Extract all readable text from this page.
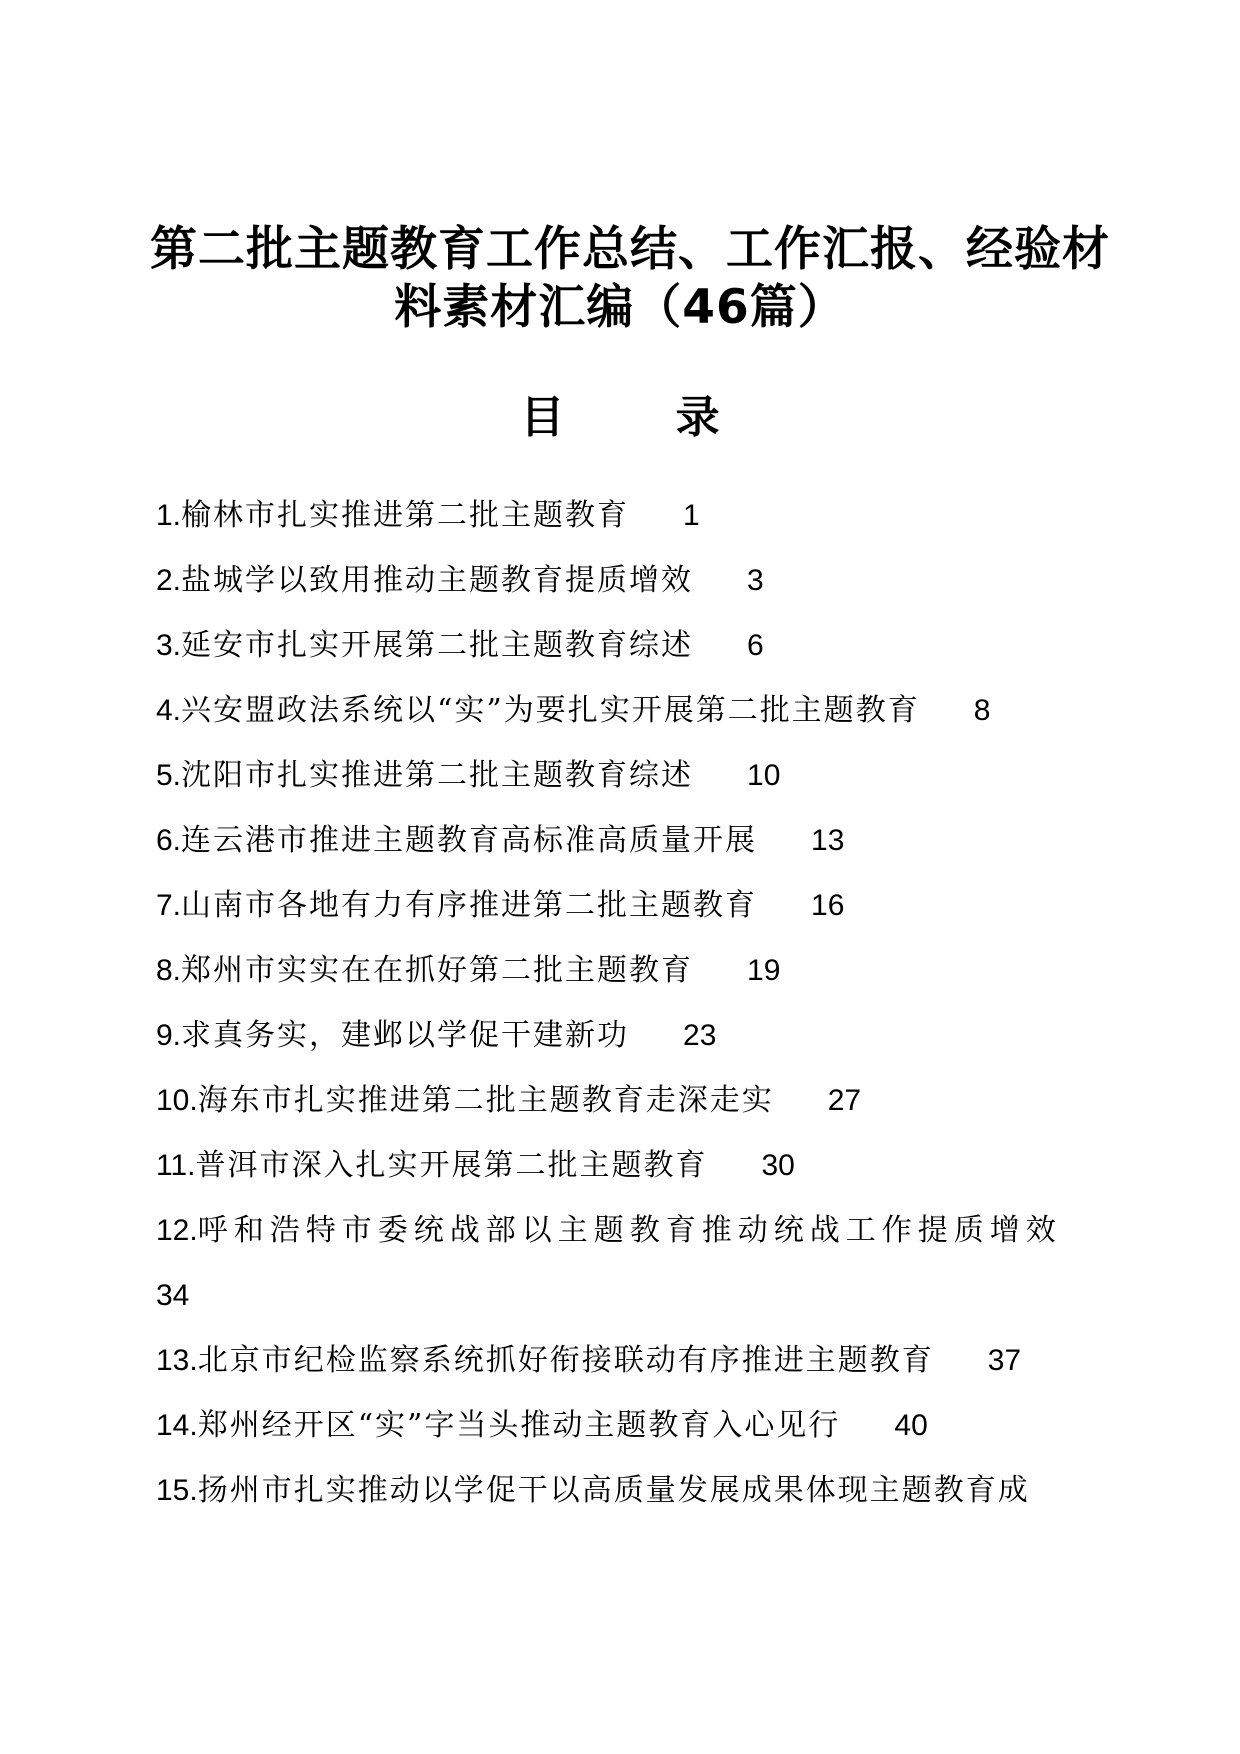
第二批主题教育工作总结、工作汇报、经验材
料素材汇编（46篇）
目 录
1.榆林市扎实推进第二批主题教育 1
2.盐城学以致用推动主题教育提质增效 3
3.延安市扎实开展第二批主题教育综述 6
4.兴安盟政法系统以“实”为要扎实开展第二批主题教育 8
5.沈阳市扎实推进第二批主题教育综述 10
6.连云港市推进主题教育高标准高质量开展 13
7.山南市各地有力有序推进第二批主题教育 16
8.郑州市实实在在抓好第二批主题教育 19
9.求真务实，建邺以学促干建新功 23
10.海东市扎实推进第二批主题教育走深走实 27
11.普洱市深入扎实开展第二批主题教育 30
12.呼和浩特市委统战部以主题教育推动统战工作提质增效
34
13.北京市纪检监察系统抓好衔接联动有序推进主题教育 37
14.郑州经开区“实”字当头推动主题教育入心见行 40
15.扬州市扎实推动以学促干以高质量发展成果体现主题教育成
